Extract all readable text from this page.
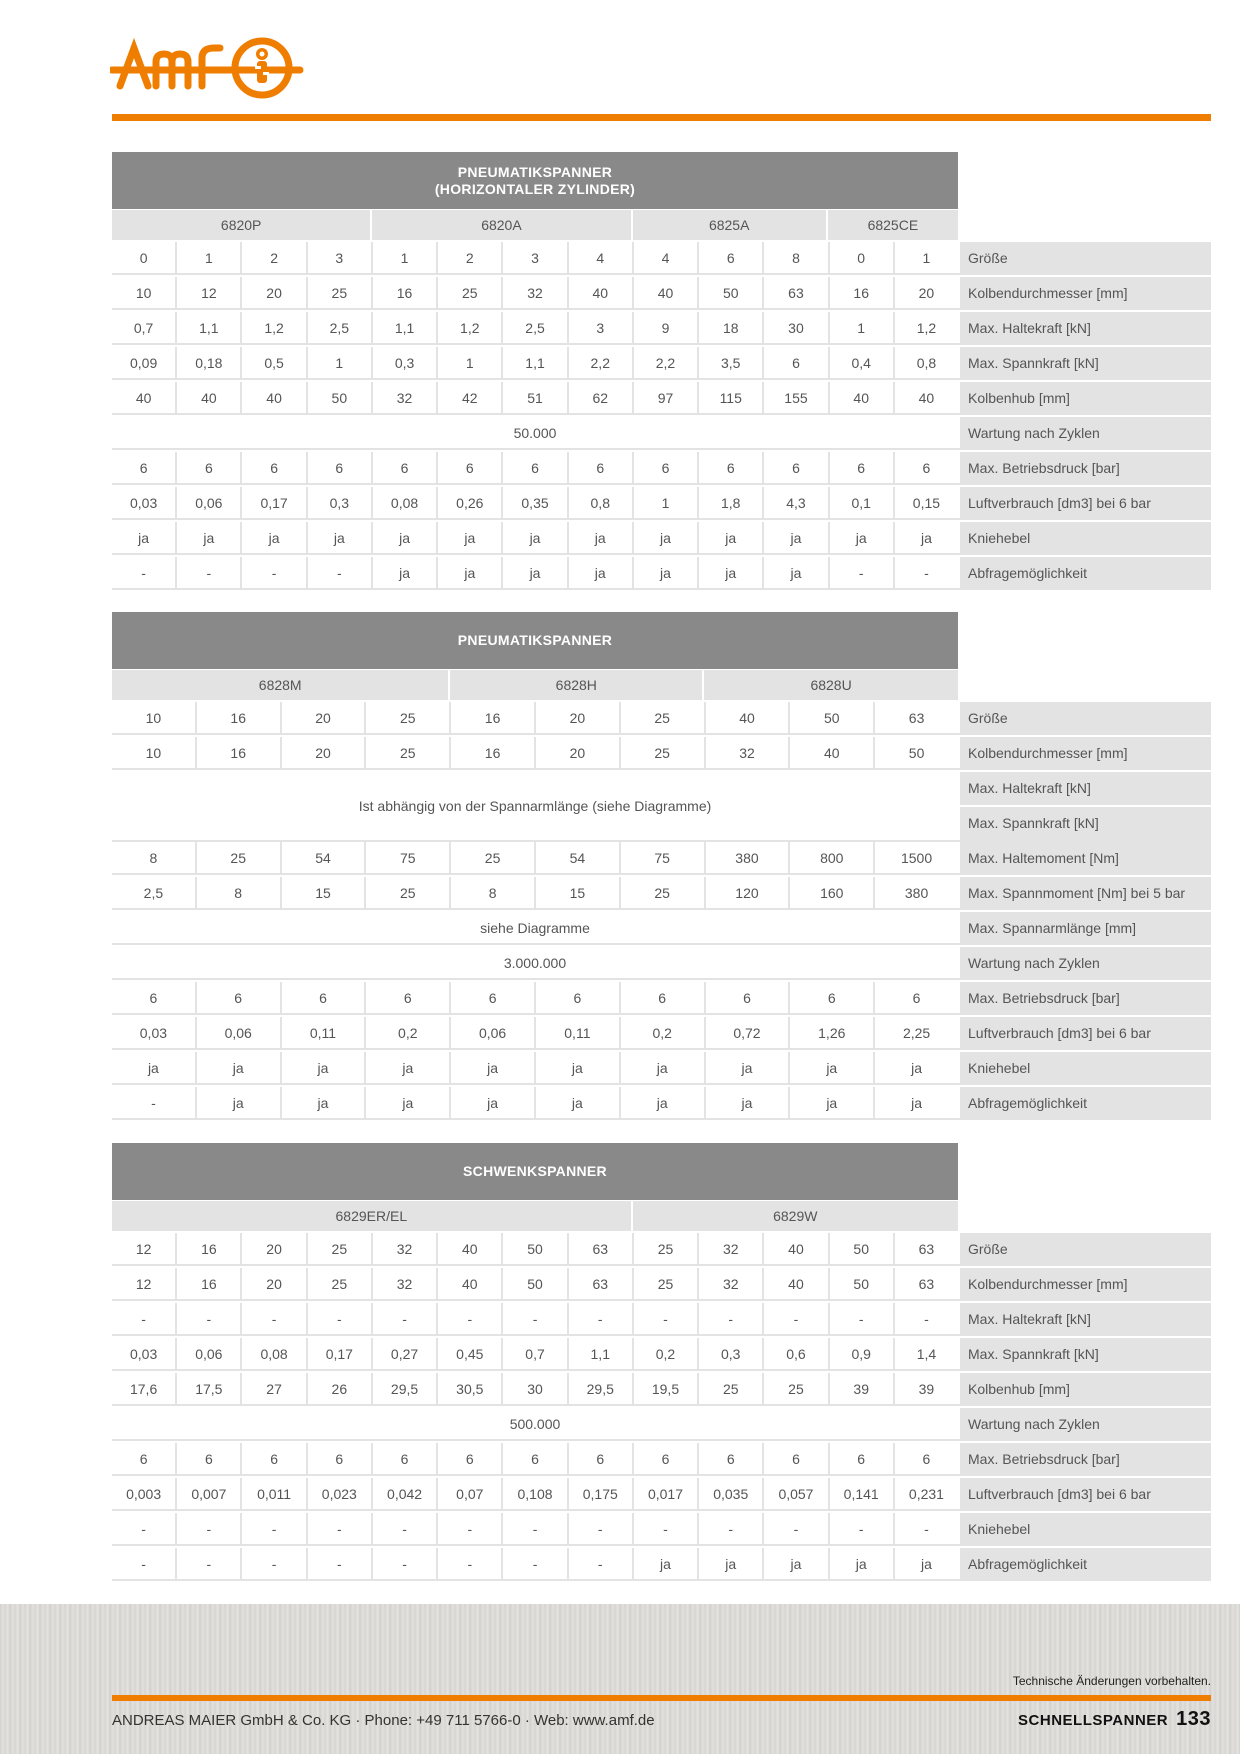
PNEUMATIKSPANNER
(HORIZONTALER ZYLINDER)
6820P	6820A	6825A	6825CE
0	1	2	3	1	2	3	4	4	6	8	0	1	Größe
10	12	20	25	16	25	32	40	40	50	63	16	20	Kolbendurchmesser [mm]
0,7	1,1	1,2	2,5	1,1	1,2	2,5	3	9	18	30	1	1,2	Max. Haltekraft [kN]
0,09	0,18	0,5	1	0,3	1	1,1	2,2	2,2	3,5	6	0,4	0,8	Max. Spannkraft [kN]
40	40	40	50	32	42	51	62	97	115	155	40	40	Kolbenhub [mm]
50.000	Wartung nach Zyklen
6	6	6	6	6	6	6	6	6	6	6	6	6	Max. Betriebsdruck [bar]
0,03	0,06	0,17	0,3	0,08	0,26	0,35	0,8	1	1,8	4,3	0,1	0,15	Luftverbrauch [dm3] bei 6 bar
ja	ja	ja	ja	ja	ja	ja	ja	ja	ja	ja	ja	ja	Kniehebel
-	-	-	-	ja	ja	ja	ja	ja	ja	ja	-	-	Abfragemöglichkeit
PNEUMATIKSPANNER
6828M	6828H	6828U
10	16	20	25	16	20	25	40	50	63	Größe
10	16	20	25	16	20	25	32	40	50	Kolbendurchmesser [mm]
Ist abhängig von der Spannarmlänge (siehe Diagramme)
Max. Haltekraft [kN]
Max. Spannkraft [kN]
8	25	54	75	25	54	75	380	800	1500	Max. Haltemoment [Nm]
2,5	8	15	25	8	15	25	120	160	380	Max. Spannmoment [Nm] bei 5 bar
siehe Diagramme	Max. Spannarmlänge [mm]
3.000.000	Wartung nach Zyklen
6	6	6	6	6	6	6	6	6	6	Max. Betriebsdruck [bar]
0,03	0,06	0,11	0,2	0,06	0,11	0,2	0,72	1,26	2,25	Luftverbrauch [dm3] bei 6 bar
ja	ja	ja	ja	ja	ja	ja	ja	ja	ja	Kniehebel
-	ja	ja	ja	ja	ja	ja	ja	ja	ja	Abfragemöglichkeit
SCHWENKSPANNER
6829ER/EL	6829W
12	16	20	25	32	40	50	63	25	32	40	50	63	Größe
12	16	20	25	32	40	50	63	25	32	40	50	63	Kolbendurchmesser [mm]
-	-	-	-	-	-	-	-	-	-	-	-	-	Max. Haltekraft [kN]
0,03	0,06	0,08	0,17	0,27	0,45	0,7	1,1	0,2	0,3	0,6	0,9	1,4	Max. Spannkraft [kN]
17,6	17,5	27	26	29,5	30,5	30	29,5	19,5	25	25	39	39	Kolbenhub [mm]
500.000	Wartung nach Zyklen
6	6	6	6	6	6	6	6	6	6	6	6	6	Max. Betriebsdruck [bar]
0,003	0,007	0,011	0,023	0,042	0,07	0,108	0,175	0,017	0,035	0,057	0,141	0,231	Luftverbrauch [dm3] bei 6 bar
-	-	-	-	-	-	-	-	-	-	-	-	-	Kniehebel
-	-	-	-	-	-	-	-	ja	ja	ja	ja	ja	Abfragemöglichkeit
Technische Änderungen vorbehalten.
ANDREAS MAIER GmbH & Co. KG · Phone: +49 711 5766-0 · Web: www.amf.de	SCHNELLSPANNER 133
